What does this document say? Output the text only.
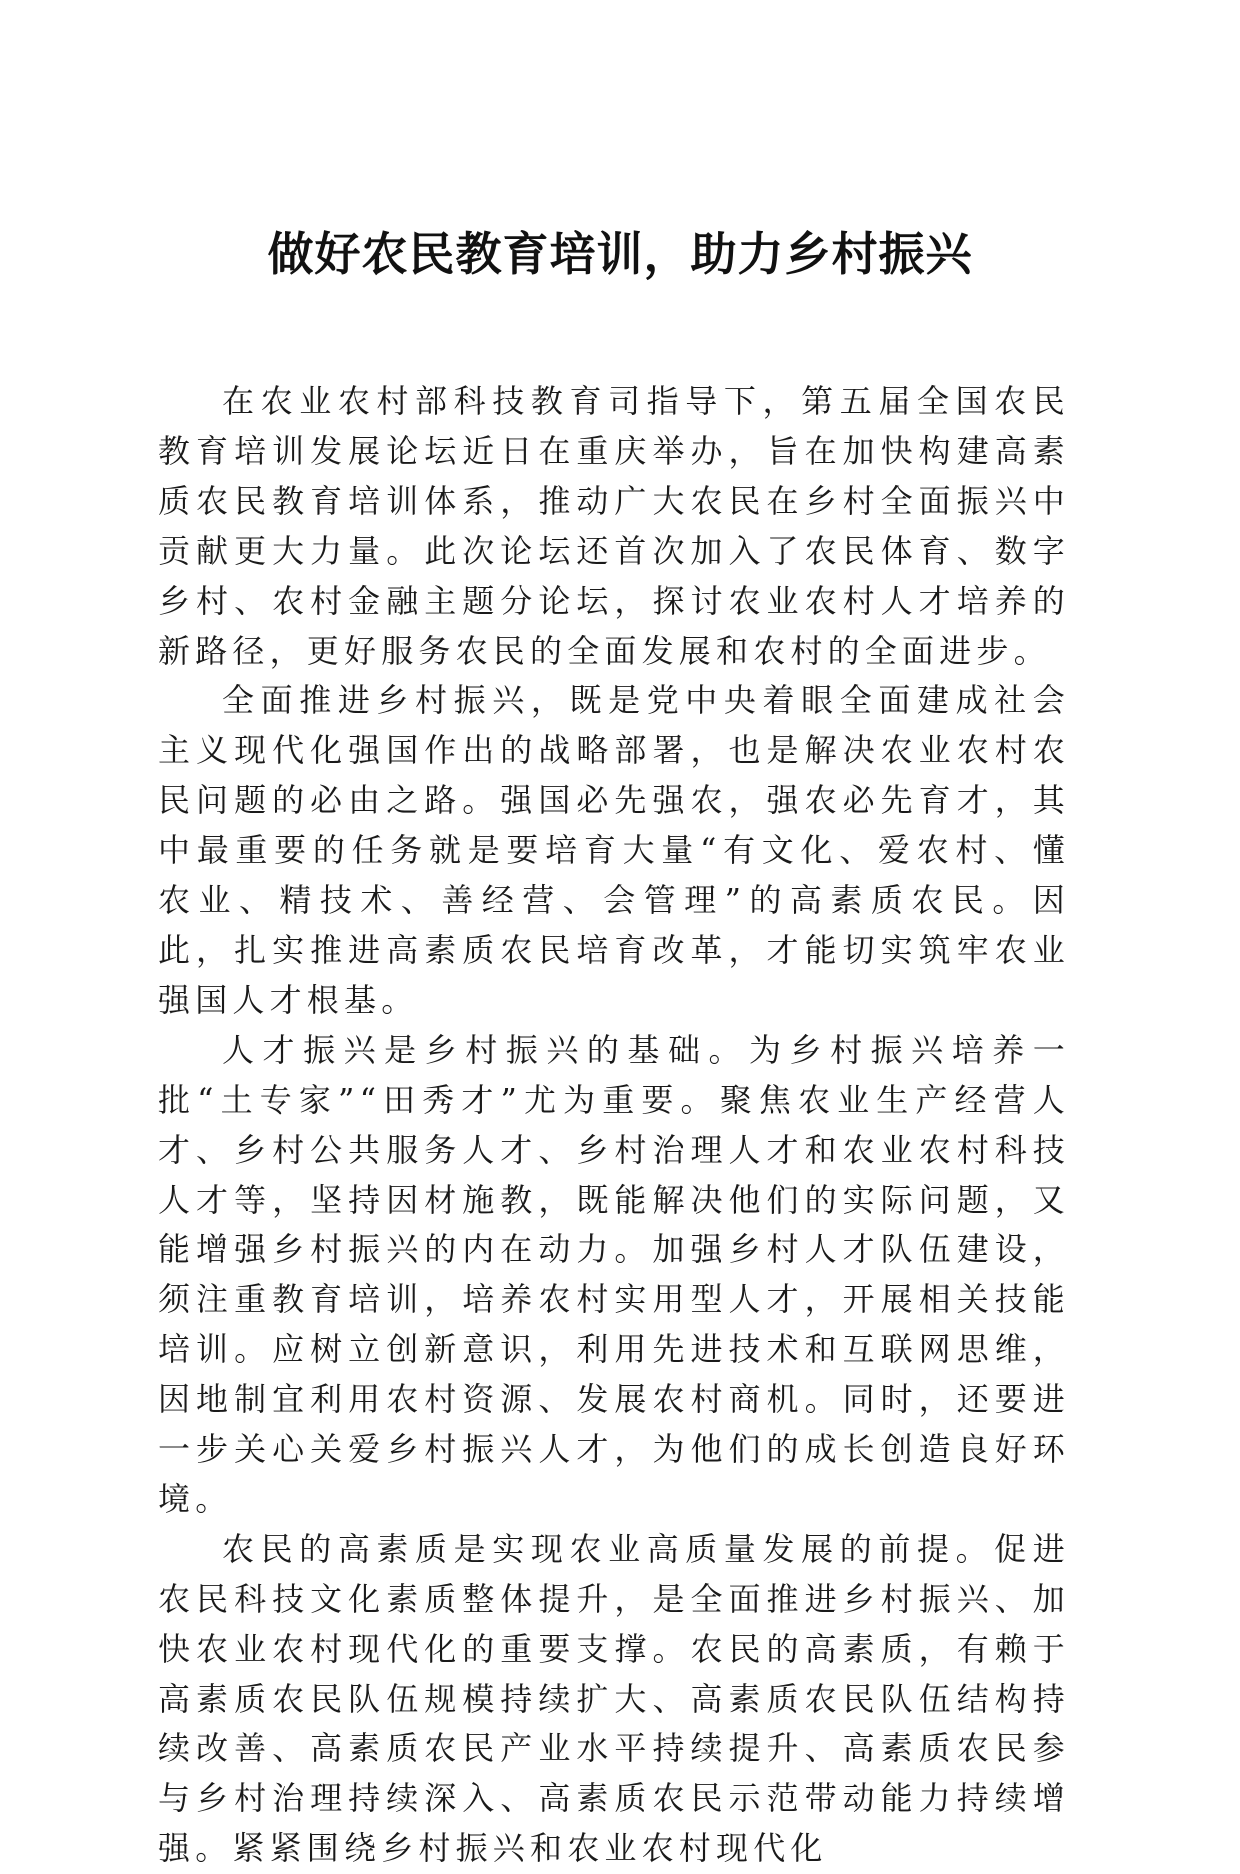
做好农民教育培训，助力乡村振兴

在农业农村部科技教育司指导下，第五届全国农民教育培训发展论坛近日在重庆举办，旨在加快构建高素质农民教育培训体系，推动广大农民在乡村全面振兴中贡献更大力量。此次论坛还首次加入了农民体育、数字乡村、农村金融主题分论坛，探讨农业农村人才培养的新路径，更好服务农民的全面发展和农村的全面进步。

全面推进乡村振兴，既是党中央着眼全面建成社会主义现代化强国作出的战略部署，也是解决农业农村农民问题的必由之路。强国必先强农，强农必先育才，其中最重要的任务就是要培育大量“有文化、爱农村、懂农业、精技术、善经营、会管理”的高素质农民。因此，扎实推进高素质农民培育改革，才能切实筑牢农业强国人才根基。

人才振兴是乡村振兴的基础。为乡村振兴培养一批“土专家”“田秀才”尤为重要。聚焦农业生产经营人才、乡村公共服务人才、乡村治理人才和农业农村科技人才等，坚持因材施教，既能解决他们的实际问题，又能增强乡村振兴的内在动力。加强乡村人才队伍建设，须注重教育培训，培养农村实用型人才，开展相关技能培训。应树立创新意识，利用先进技术和互联网思维，因地制宜利用农村资源、发展农村商机。同时，还要进一步关心关爱乡村振兴人才，为他们的成长创造良好环境。

农民的高素质是实现农业高质量发展的前提。促进农民科技文化素质整体提升，是全面推进乡村振兴、加快农业农村现代化的重要支撑。农民的高素质，有赖于高素质农民队伍规模持续扩大、高素质农民队伍结构持续改善、高素质农民产业水平持续提升、高素质农民参与乡村治理持续深入、高素质农民示范带动能力持续增强。紧紧围绕乡村振兴和农业农村现代化
